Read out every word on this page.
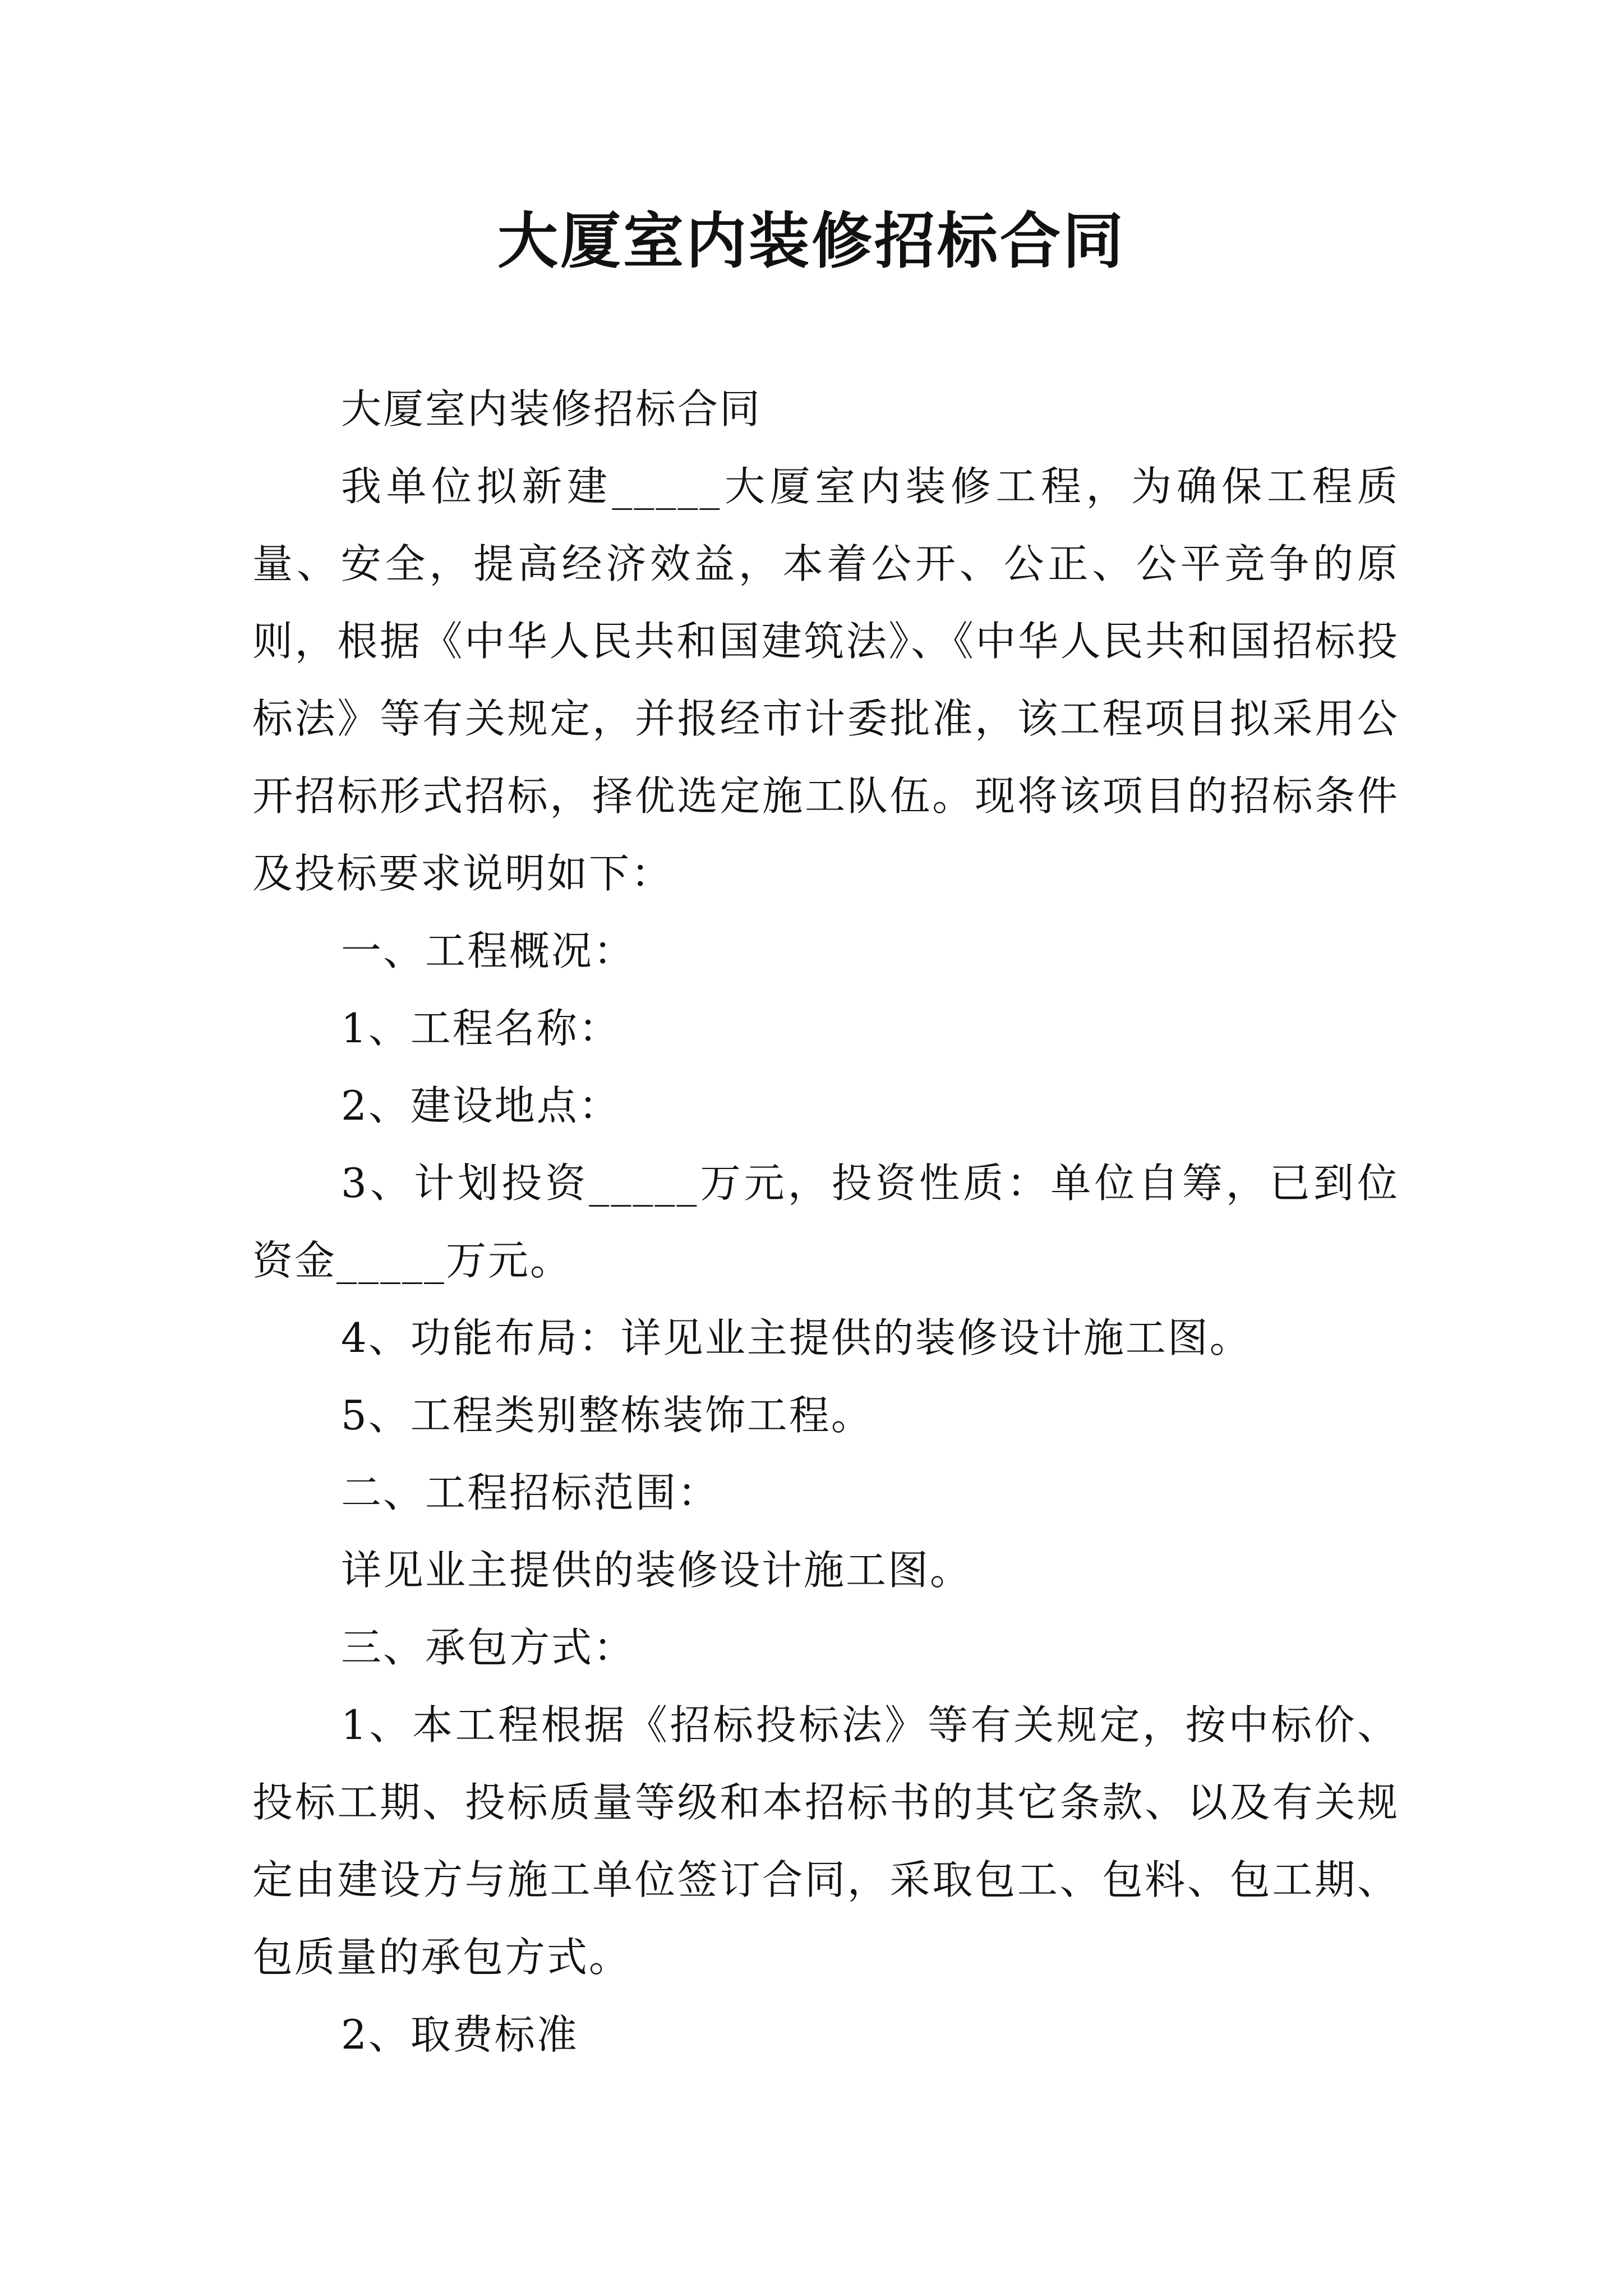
大厦室内装修招标合同

大厦室内装修招标合同

我单位拟新建_____大厦室内装修工程，为确保工程质量、安全，提高经济效益，本着公开、公正、公平竞争的原则，根据《中华人民共和国建筑法》、《中华人民共和国招标投标法》等有关规定，并报经市计委批准，该工程项目拟采用公开招标形式招标，择优选定施工队伍。现将该项目的招标条件及投标要求说明如下：

一、工程概况：

1、工程名称：

2、建设地点：

3、计划投资_____万元，投资性质：单位自筹，已到位资金_____万元。

4、功能布局：详见业主提供的装修设计施工图。

5、工程类别整栋装饰工程。

二、工程招标范围：

详见业主提供的装修设计施工图。

三、承包方式：

1、本工程根据《招标投标法》等有关规定，按中标价、投标工期、投标质量等级和本招标书的其它条款、以及有关规定由建设方与施工单位签订合同，采取包工、包料、包工期、包质量的承包方式。

2、取费标准
